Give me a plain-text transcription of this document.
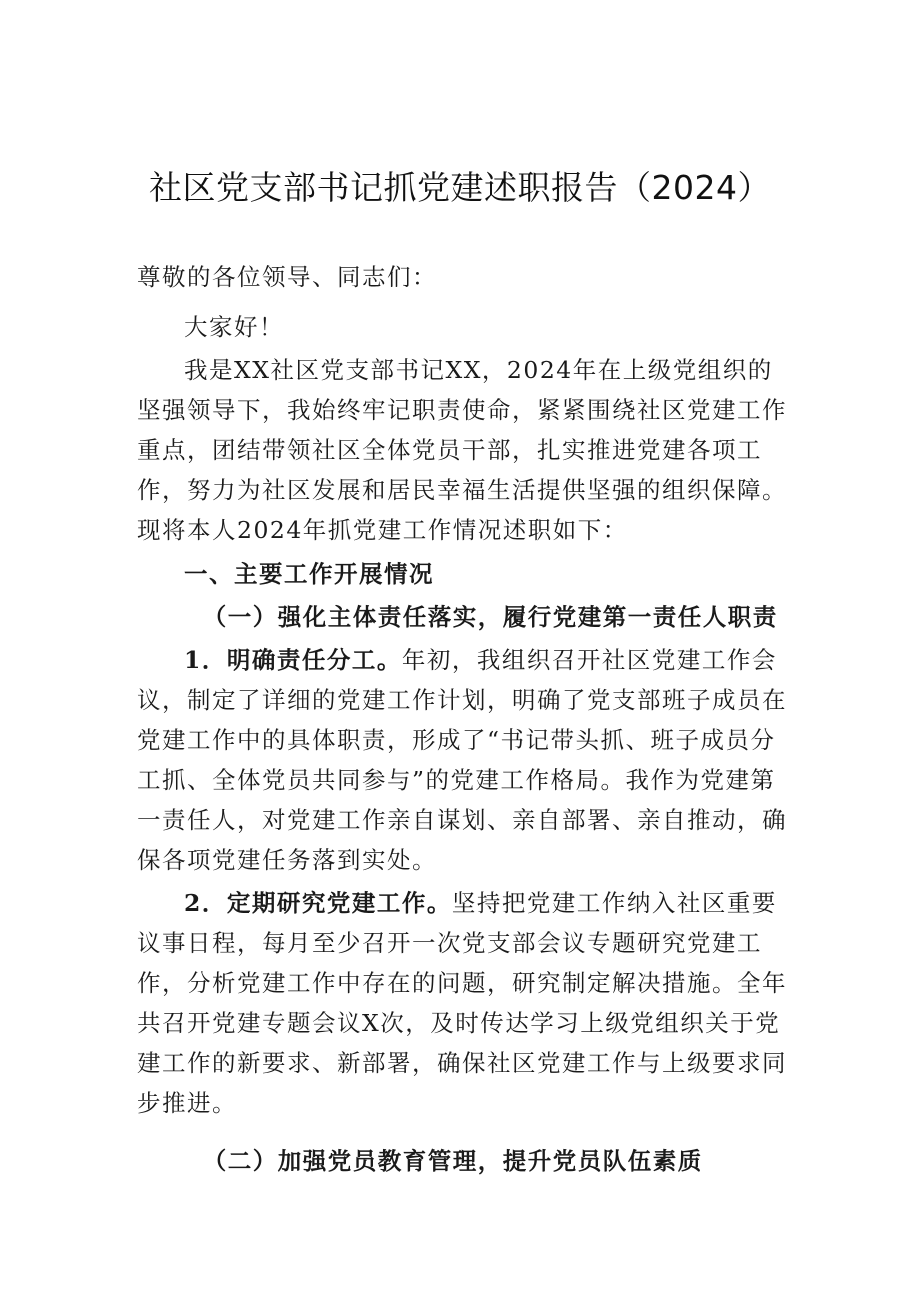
社区党支部书记抓党建述职报告（2024）

尊敬的各位领导、同志们：

大家好！

我是XX社区党支部书记XX，2024年在上级党组织的坚强领导下，我始终牢记职责使命，紧紧围绕社区党建工作重点，团结带领社区全体党员干部，扎实推进党建各项工作，努力为社区发展和居民幸福生活提供坚强的组织保障。现将本人2024年抓党建工作情况述职如下：

一、主要工作开展情况

（一）强化主体责任落实，履行党建第一责任人职责

1．明确责任分工。年初，我组织召开社区党建工作会议，制定了详细的党建工作计划，明确了党支部班子成员在党建工作中的具体职责，形成了“书记带头抓、班子成员分工抓、全体党员共同参与”的党建工作格局。我作为党建第一责任人，对党建工作亲自谋划、亲自部署、亲自推动，确保各项党建任务落到实处。

2．定期研究党建工作。坚持把党建工作纳入社区重要议事日程，每月至少召开一次党支部会议专题研究党建工作，分析党建工作中存在的问题，研究制定解决措施。全年共召开党建专题会议X次，及时传达学习上级党组织关于党建工作的新要求、新部署，确保社区党建工作与上级要求同步推进。

（二）加强党员教育管理，提升党员队伍素质
